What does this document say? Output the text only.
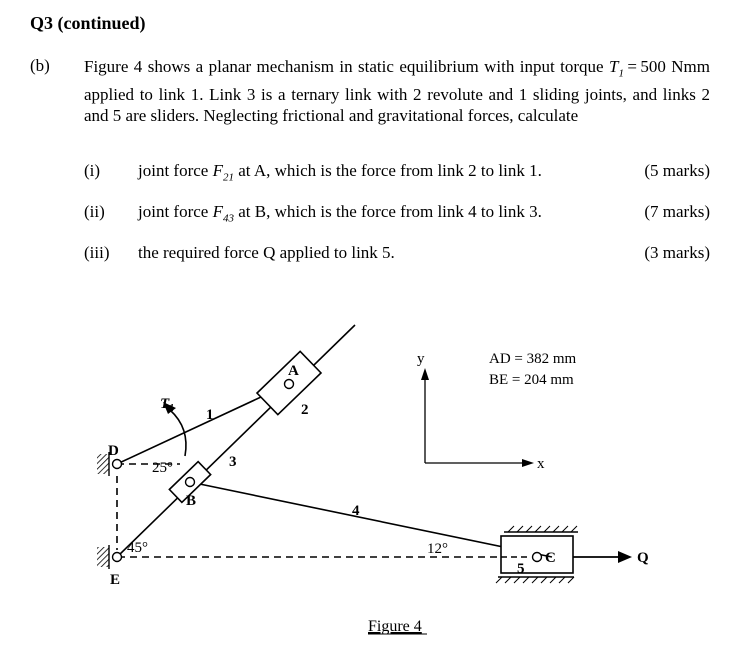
Q3 (continued)
(b) Figure 4 shows a planar mechanism in static equilibrium with input torque $T_1 = 500$ Nmm applied to link 1. Link 3 is a ternary link with 2 revolute and 1 sliding joints, and links 2 and 5 are sliders. Neglecting frictional and gravitational forces, calculate
(i) joint force $F_{21}$ at A, which is the force from link 2 to link 1.	(5 marks)
(ii) joint force $F_{43}$ at B, which is the force from link 4 to link 3.	(7 marks)
(iii) the required force Q applied to link 5.	(3 marks)
y
x
AD = 382 mm
BE = 204 mm
25°
45°	12°
A
B
C
D
E
1	2
3
4
5
Q
$T_1$
Figure 4
